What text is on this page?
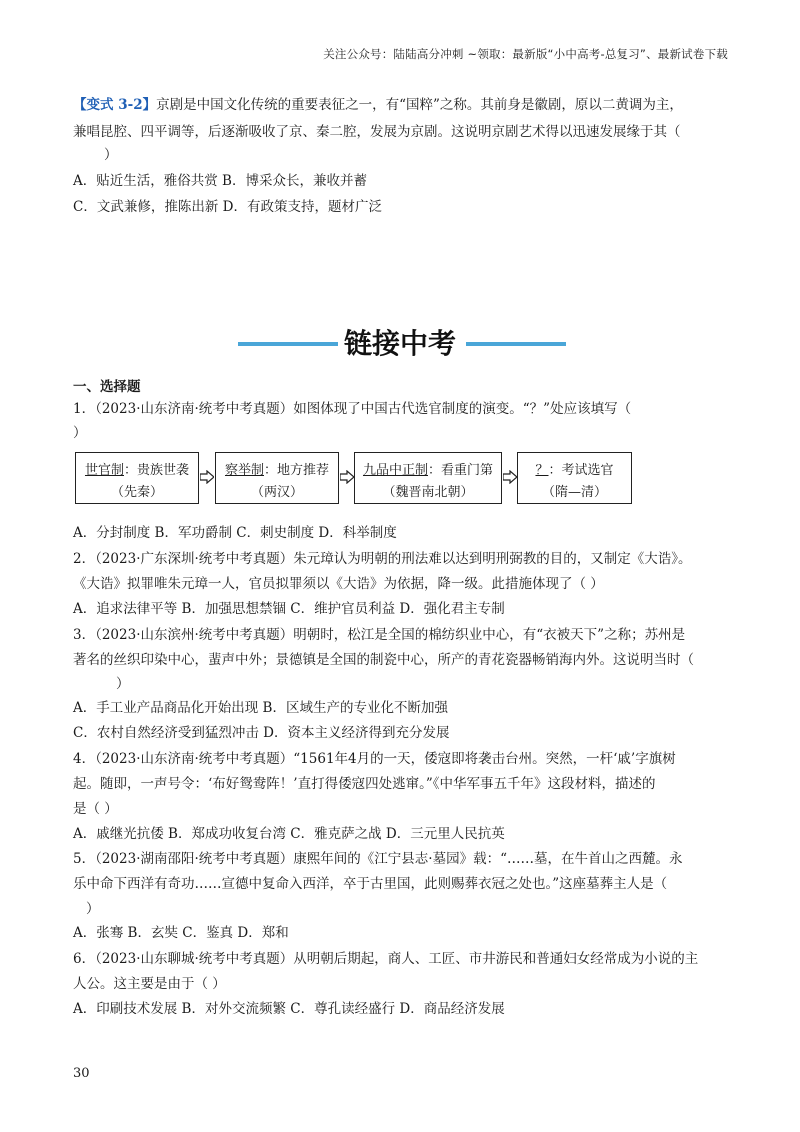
关注公众号：陆陆高分冲刺 ~领取：最新版“小中高考-总复习”、最新试卷下载
【变式 3-2】京剧是中国文化传统的重要表征之一，有“国粹”之称。其前身是徽剧，原以二黄调为主，
兼唱昆腔、四平调等，后逐渐吸收了京、秦二腔，发展为京剧。这说明京剧艺术得以迅速发展缘于其（
）
A．贴近生活，雅俗共赏 B．博采众长，兼收并蓄
C．文武兼修，推陈出新 D．有政策支持，题材广泛
链接中考
一、选择题
1．（2023·山东济南·统考中考真题）如图体现了中国古代选官制度的演变。“？”处应该填写（
）
世官制：贵族世袭
（先秦）
察举制：地方推荐
（两汉）
九品中正制：看重门第
（魏晋南北朝）
？：考试选官
（隋—清）
A．分封制度 B．军功爵制 C．刺史制度 D．科举制度
2．（2023·广东深圳·统考中考真题）朱元璋认为明朝的刑法难以达到明刑弼教的目的，又制定《大诰》。
《大诰》拟罪唯朱元璋一人，官员拟罪须以《大诰》为依据，降一级。此措施体现了（ ）
A．追求法律平等 B．加强思想禁锢 C．维护官员利益 D．强化君主专制
3．（2023·山东滨州·统考中考真题）明朝时，松江是全国的棉纺织业中心，有“衣被天下”之称；苏州是
著名的丝织印染中心，蜚声中外；景德镇是全国的制瓷中心，所产的青花瓷器畅销海内外。这说明当时（
）
A．手工业产品商品化开始出现 B．区域生产的专业化不断加强
C．农村自然经济受到猛烈冲击 D．资本主义经济得到充分发展
4．（2023·山东济南·统考中考真题）“1561年4月的一天，倭寇即将袭击台州。突然，一杆‘戚’字旗树
起。随即，一声号令：‘布好鸳鸯阵！’直打得倭寇四处逃窜。”《中华军事五千年》这段材料，描述的
是（ ）
A．戚继光抗倭 B．郑成功收复台湾 C．雅克萨之战 D．三元里人民抗英
5．（2023·湖南邵阳·统考中考真题）康熙年间的《江宁县志·墓园》载：“……墓，在牛首山之西麓。永
乐中命下西洋有奇功……宣德中复命入西洋，卒于古里国，此则赐葬衣冠之处也。”这座墓葬主人是（
）
A．张骞 B．玄奘 C．鉴真 D．郑和
6．（2023·山东聊城·统考中考真题）从明朝后期起，商人、工匠、市井游民和普通妇女经常成为小说的主
人公。这主要是由于（ ）
A．印刷技术发展 B．对外交流频繁 C．尊孔读经盛行 D．商品经济发展
30
